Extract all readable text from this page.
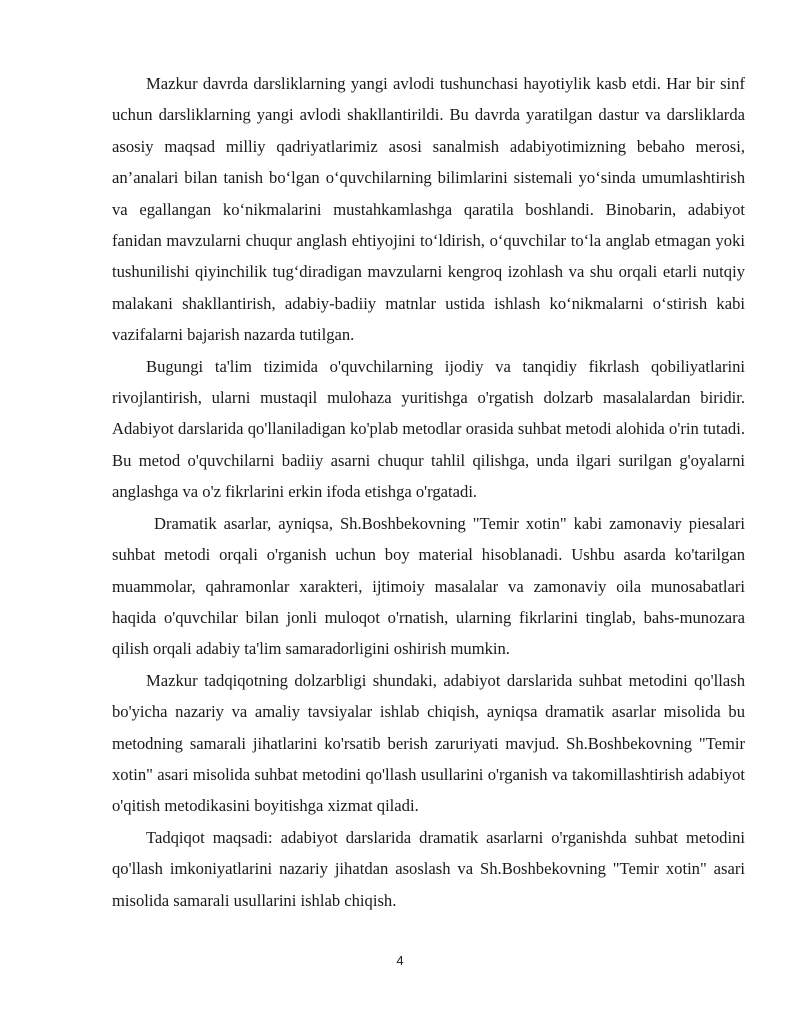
Mazkur davrda darsliklarning yangi avlodi tushunchasi hayotiylik kasb etdi. Har bir sinf uchun darsliklarning yangi avlodi shakllantirildi. Bu davrda yaratilgan dastur va darsliklarda asosiy maqsad milliy qadriyatlarimiz asosi sanalmish adabiyotimizning bebaho merosi, an’analari bilan tanish bo‘lgan o‘quvchilarning bilimlarini sistemali yo‘sinda umumlashtirish va egallangan ko‘nikmalarini mustahkamlashga qaratila boshlandi. Binobarin, adabiyot fanidan mavzularni chuqur anglash ehtiyojini to‘ldirish, o‘quvchilar to‘la anglab etmagan yoki tushunilishi qiyinchilik tug‘diradigan mavzularni kengroq izohlash va shu orqali etarli nutqiy malakani shakllantirish, adabiy-badiiy matnlar ustida ishlash ko‘nikmalarni o‘stirish kabi vazifalarni bajarish nazarda tutilgan.

Bugungi ta'lim tizimida o'quvchilarning ijodiy va tanqidiy fikrlash qobiliyatlarini rivojlantirish, ularni mustaqil mulohaza yuritishga o'rgatish dolzarb masalalardan biridir. Adabiyot darslarida qo'llaniladigan ko'plab metodlar orasida suhbat metodi alohida o'rin tutadi. Bu metod o'quvchilarni badiiy asarni chuqur tahlil qilishga, unda ilgari surilgan g'oyalarni anglashga va o'z fikrlarini erkin ifoda etishga o'rgatadi.

Dramatik asarlar, ayniqsa, Sh.Boshbekovning "Temir xotin" kabi zamonaviy piesalari suhbat metodi orqali o'rganish uchun boy material hisoblanadi. Ushbu asarda ko'tarilgan muammolar, qahramonlar xarakteri, ijtimoiy masalalar va zamonaviy oila munosabatlari haqida o'quvchilar bilan jonli muloqot o'rnatish, ularning fikrlarini tinglab, bahs-munozara qilish orqali adabiy ta'lim samaradorligini oshirish mumkin.

Mazkur tadqiqotning dolzarbligi shundaki, adabiyot darslarida suhbat metodini qo'llash bo'yicha nazariy va amaliy tavsiyalar ishlab chiqish, ayniqsa dramatik asarlar misolida bu metodning samarali jihatlarini ko'rsatib berish zaruriyati mavjud. Sh.Boshbekovning "Temir xotin" asari misolida suhbat metodini qo'llash usullarini o'rganish va takomillashtirish adabiyot o'qitish metodikasini boyitishga xizmat qiladi.

Tadqiqot maqsadi: adabiyot darslarida dramatik asarlarni o'rganishda suhbat metodini qo'llash imkoniyatlarini nazariy jihatdan asoslash va Sh.Boshbekovning "Temir xotin" asari misolida samarali usullarini ishlab chiqish.

4
